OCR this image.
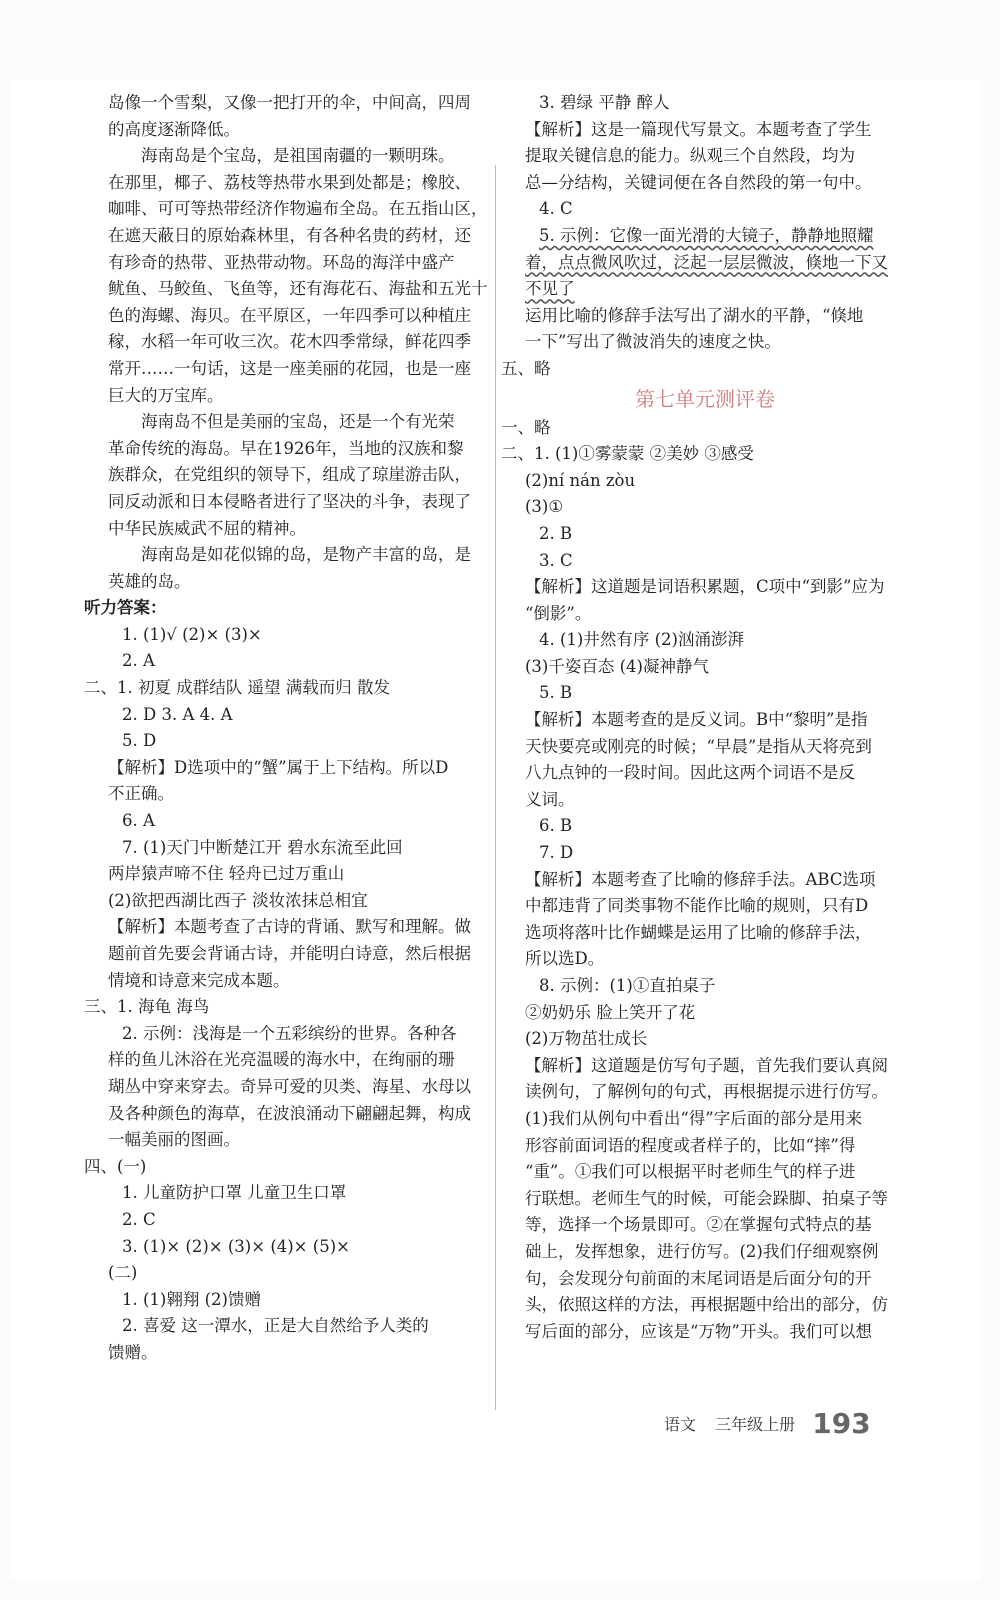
岛像一个雪梨，又像一把打开的伞，中间高，四周
的高度逐渐降低。
海南岛是个宝岛，是祖国南疆的一颗明珠。
在那里，椰子、荔枝等热带水果到处都是；橡胶、
咖啡、可可等热带经济作物遍布全岛。在五指山区，
在遮天蔽日的原始森林里，有各种名贵的药材，还
有珍奇的热带、亚热带动物。环岛的海洋中盛产
鱿鱼、马鲛鱼、飞鱼等，还有海花石、海盐和五光十
色的海螺、海贝。在平原区，一年四季可以种植庄
稼，水稻一年可收三次。花木四季常绿，鲜花四季
常开……一句话，这是一座美丽的花园，也是一座
巨大的万宝库。
海南岛不但是美丽的宝岛，还是一个有光荣
革命传统的海岛。早在1926年，当地的汉族和黎
族群众，在党组织的领导下，组成了琼崖游击队，
同反动派和日本侵略者进行了坚决的斗争，表现了
中华民族威武不屈的精神。
海南岛是如花似锦的岛，是物产丰富的岛，是
英雄的岛。
听力答案：
1. (1)√ (2)× (3)×
2. A
二、1. 初夏 成群结队 遥望 满载而归 散发
2. D 3. A 4. A
5. D
【解析】D选项中的“蟹”属于上下结构。所以D
不正确。
6. A
7. (1)天门中断楚江开 碧水东流至此回
两岸猿声啼不住 轻舟已过万重山
(2)欲把西湖比西子 淡妆浓抹总相宜
【解析】本题考查了古诗的背诵、默写和理解。做
题前首先要会背诵古诗，并能明白诗意，然后根据
情境和诗意来完成本题。
三、1. 海龟 海鸟
2. 示例：浅海是一个五彩缤纷的世界。各种各
样的鱼儿沐浴在光亮温暖的海水中，在绚丽的珊
瑚丛中穿来穿去。奇异可爱的贝类、海星、水母以
及各种颜色的海草，在波浪涌动下翩翩起舞，构成
一幅美丽的图画。
四、(一)
1. 儿童防护口罩 儿童卫生口罩
2. C
3. (1)× (2)× (3)× (4)× (5)×
(二)
1. (1)翱翔 (2)馈赠
2. 喜爱 这一潭水，正是大自然给予人类的
馈赠。
3. 碧绿 平静 醉人
【解析】这是一篇现代写景文。本题考查了学生
提取关键信息的能力。纵观三个自然段，均为
总—分结构，关键词便在各自然段的第一句中。
4. C
5. 示例：它像一面光滑的大镜子，静静地照耀
着，点点微风吹过，泛起一层层微波，倏地一下又
不见了
运用比喻的修辞手法写出了湖水的平静，“倏地
一下”写出了微波消失的速度之快。
五、略
第七单元测评卷
一、略
二、1. (1)①雾蒙蒙 ②美妙 ③感受
(2)ní nán zòu
(3)①
2. B
3. C
【解析】这道题是词语积累题，C项中“到影”应为
“倒影”。
4. (1)井然有序 (2)汹涌澎湃
(3)千姿百态 (4)凝神静气
5. B
【解析】本题考查的是反义词。B中“黎明”是指
天快要亮或刚亮的时候；“早晨”是指从天将亮到
八九点钟的一段时间。因此这两个词语不是反
义词。
6. B
7. D
【解析】本题考查了比喻的修辞手法。ABC选项
中都违背了同类事物不能作比喻的规则，只有D
选项将落叶比作蝴蝶是运用了比喻的修辞手法，
所以选D。
8. 示例：(1)①直拍桌子
②奶奶乐 脸上笑开了花
(2)万物茁壮成长
【解析】这道题是仿写句子题，首先我们要认真阅
读例句，了解例句的句式，再根据提示进行仿写。
(1)我们从例句中看出“得”字后面的部分是用来
形容前面词语的程度或者样子的，比如“摔”得
“重”。①我们可以根据平时老师生气的样子进
行联想。老师生气的时候，可能会跺脚、拍桌子等
等，选择一个场景即可。②在掌握句式特点的基
础上，发挥想象，进行仿写。(2)我们仔细观察例
句，会发现分句前面的末尾词语是后面分句的开
头，依照这样的方法，再根据题中给出的部分，仿
写后面的部分，应该是“万物”开头。我们可以想
语文 三年级上册 193
